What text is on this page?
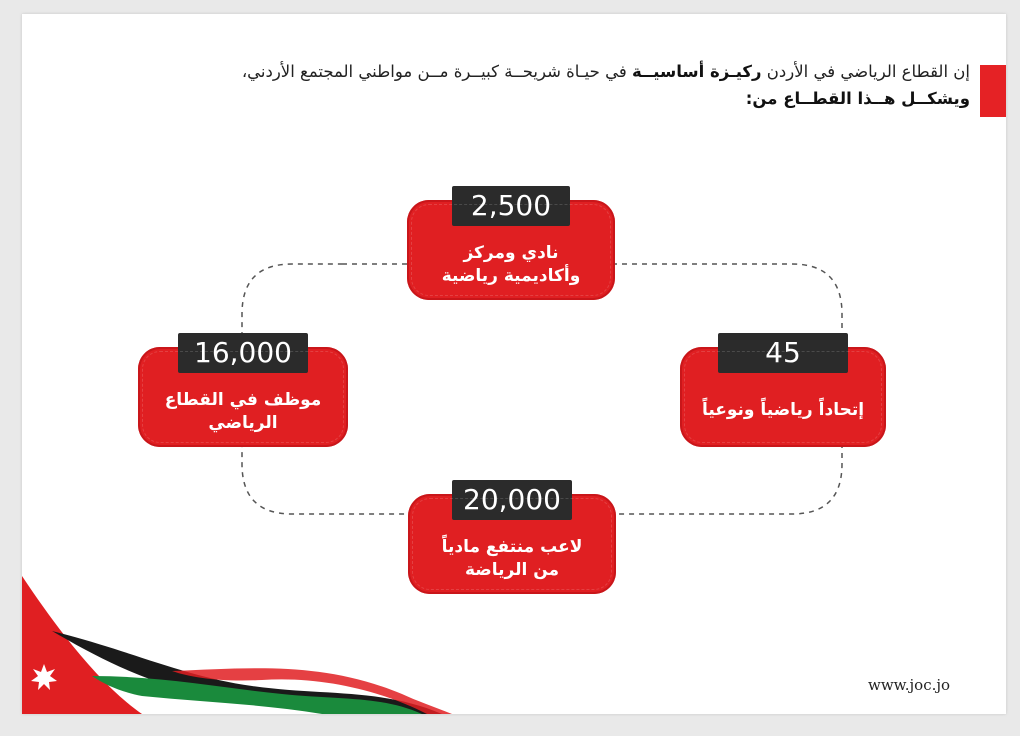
إن القطاع الرياضي في الأردن ركيـزة أساسيــة في حيـاة شريحــة كبيــرة مــن مواطني المجتمع الأردني،
ويشكــل هــذا القطــاع من:
2,500
نادي ومركز
وأكاديمية رياضية
16,000
موظف في القطاع
الرياضي
45
إتحاداً رياضياً ونوعياً
20,000
لاعب منتفع مادياً
من الرياضة
www.joc.jo
